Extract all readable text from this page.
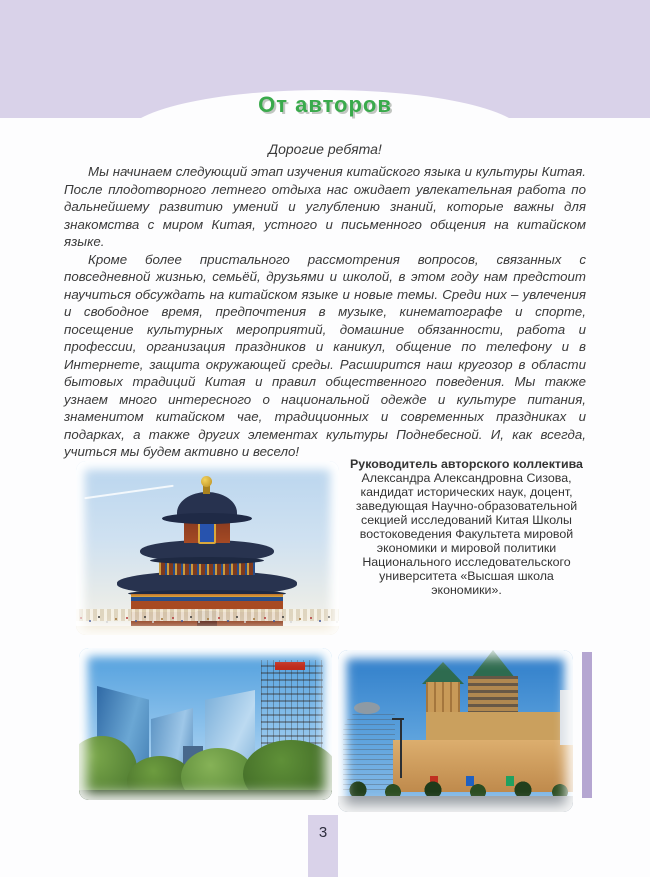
От авторов
Дорогие ребята!

Мы начинаем следующий этап изучения китайского языка и культуры Китая. После плодотворного летнего отдыха нас ожидает увлекательная работа по дальнейшему развитию умений и углублению знаний, которые важны для знакомства с миром Китая, устного и письменного общения на китайском языке.

Кроме более пристального рассмотрения вопросов, связанных с повседневной жизнью, семьёй, друзьями и школой, в этом году нам предстоит научиться обсуждать на китайском языке и новые темы. Среди них – увлечения и свободное время, предпочтения в музыке, кинематографе и спорте, посещение культурных мероприятий, домашние обязанности, работа и профессии, организация праздников и каникул, общение по телефону и в Интернете, защита окружающей среды. Расширится наш кругозор в области бытовых традиций Китая и правил общественного поведения. Мы также узнаем много интересного о национальной одежде и культуре питания, знаменитом китайском чае, традиционных и современных праздниках и подарках, а также других элементах культуры Поднебесной. И, как всегда, учиться мы будем активно и весело!

Руководитель авторского коллектива
Александра Александровна Сизова, кандидат исторических наук, доцент, заведующая Научно-образовательной секцией исследований Китая Школы востоковедения Факультета мировой экономики и мировой политики Национального исследовательского университета «Высшая школа экономики».
3
